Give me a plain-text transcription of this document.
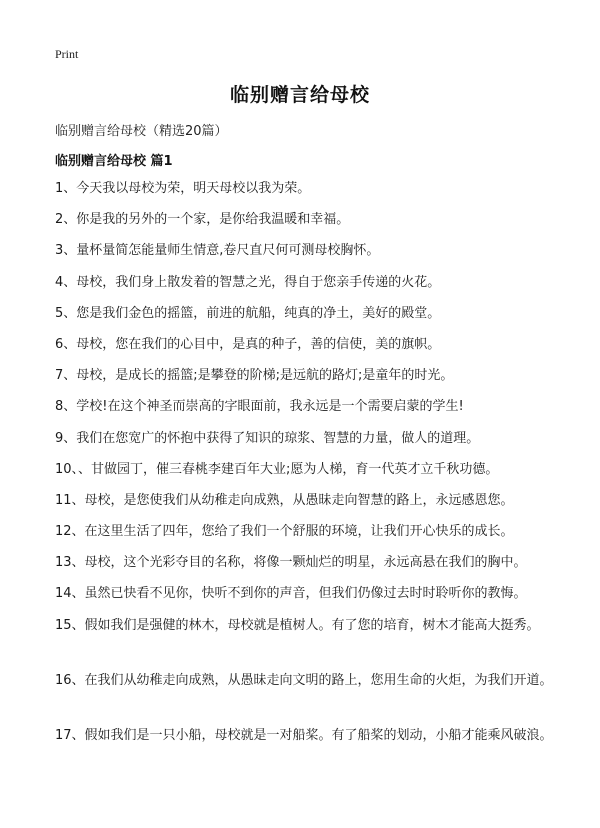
Print
临别赠言给母校
临别赠言给母校（精选20篇）
临别赠言给母校 篇1
1、今天我以母校为荣，明天母校以我为荣。
2、你是我的另外的一个家，是你给我温暖和幸福。
3、量杯量简怎能量师生情意,卷尺直尺何可测母校胸怀。
4、母校，我们身上散发着的智慧之光，得自于您亲手传递的火花。
5、您是我们金色的摇篮，前进的航船，纯真的净土，美好的殿堂。
6、母校，您在我们的心目中，是真的种子，善的信使，美的旗帜。
7、母校，是成长的摇篮;是攀登的阶梯;是远航的路灯;是童年的时光。
8、学校!在这个神圣而崇高的字眼面前，我永远是一个需要启蒙的学生!
9、我们在您宽广的怀抱中获得了知识的琼浆、智慧的力量，做人的道理。
10、、甘做园丁，催三春桃李建百年大业;愿为人梯，育一代英才立千秋功德。
11、母校，是您使我们从幼稚走向成熟，从愚昧走向智慧的路上，永远感恩您。
12、在这里生活了四年，您给了我们一个舒服的环境，让我们开心快乐的成长。
13、母校，这个光彩夺目的名称，将像一颗灿烂的明星，永远高悬在我们的胸中。
14、虽然已快看不见你，快听不到你的声音，但我们仍像过去时时聆听你的教悔。
15、假如我们是强健的林木，母校就是植树人。有了您的培育，树木才能高大挺秀。
16、在我们从幼稚走向成熟，从愚昧走向文明的路上，您用生命的火炬，为我们开道。
17、假如我们是一只小船，母校就是一对船桨。有了船桨的划动，小船才能乘风破浪。
